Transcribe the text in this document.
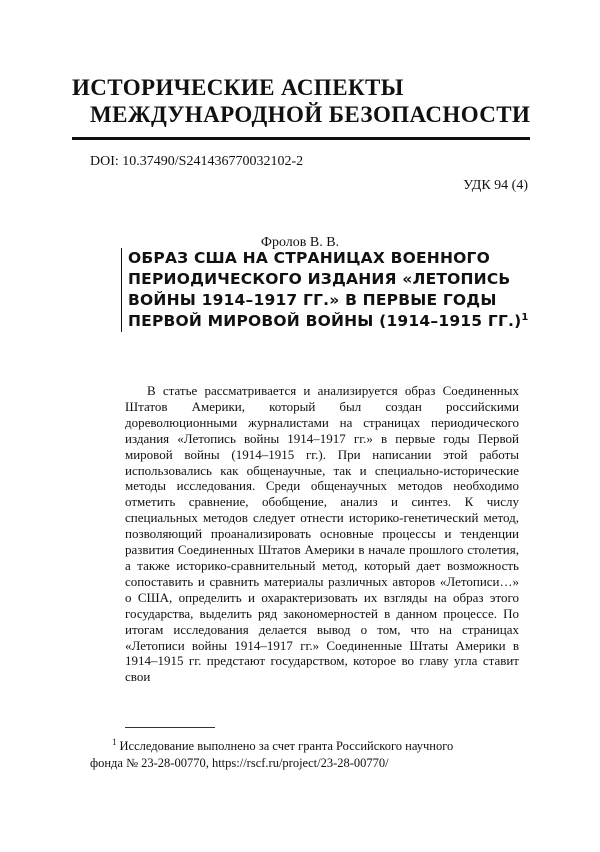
ИСТОРИЧЕСКИЕ АСПЕКТЫ
МЕЖДУНАРОДНОЙ БЕЗОПАСНОСТИ
DOI: 10.37490/S241436770032102-2
УДК 94 (4)
Фролов В. В.

ОБРАЗ США НА СТРАНИЦАХ ВОЕННОГО ПЕРИОДИЧЕСКОГО ИЗДАНИЯ «ЛЕТОПИСЬ ВОЙНЫ 1914–1917 ГГ.» В ПЕРВЫЕ ГОДЫ ПЕРВОЙ МИРОВОЙ ВОЙНЫ (1914–1915 ГГ.)$^1$

В статье рассматривается и анализируется образ Соединенных Штатов Америки, который был создан российскими дореволюционными журналистами на страницах периодического издания «Летопись войны 1914–1917 гг.» в первые годы Первой мировой войны (1914–1915 гг.). При написании этой работы использовались как общенаучные, так и специально-исторические методы исследования. Среди общенаучных методов необходимо отметить сравнение, обобщение, анализ и синтез. К числу специальных методов следует отнести историко-генетический метод, позволяющий проанализировать основные процессы и тенденции развития Соединенных Штатов Америки в начале прошлого столетия, а также историко-сравнительный метод, который дает возможность сопоставить и сравнить материалы различных авторов «Летописи…» о США, определить и охарактеризовать их взгляды на образ этого государства, выделить ряд закономерностей в данном процессе. По итогам исследования делается вывод о том, что на страницах «Летописи войны 1914–1917 гг.» Соединенные Штаты Америки в 1914–1915 гг. предстают государством, которое во главу угла ставит свои
$^1$ Исследование выполнено за счет гранта Российского научного
фонда № 23-28-00770, https://rscf.ru/project/23-28-00770/
